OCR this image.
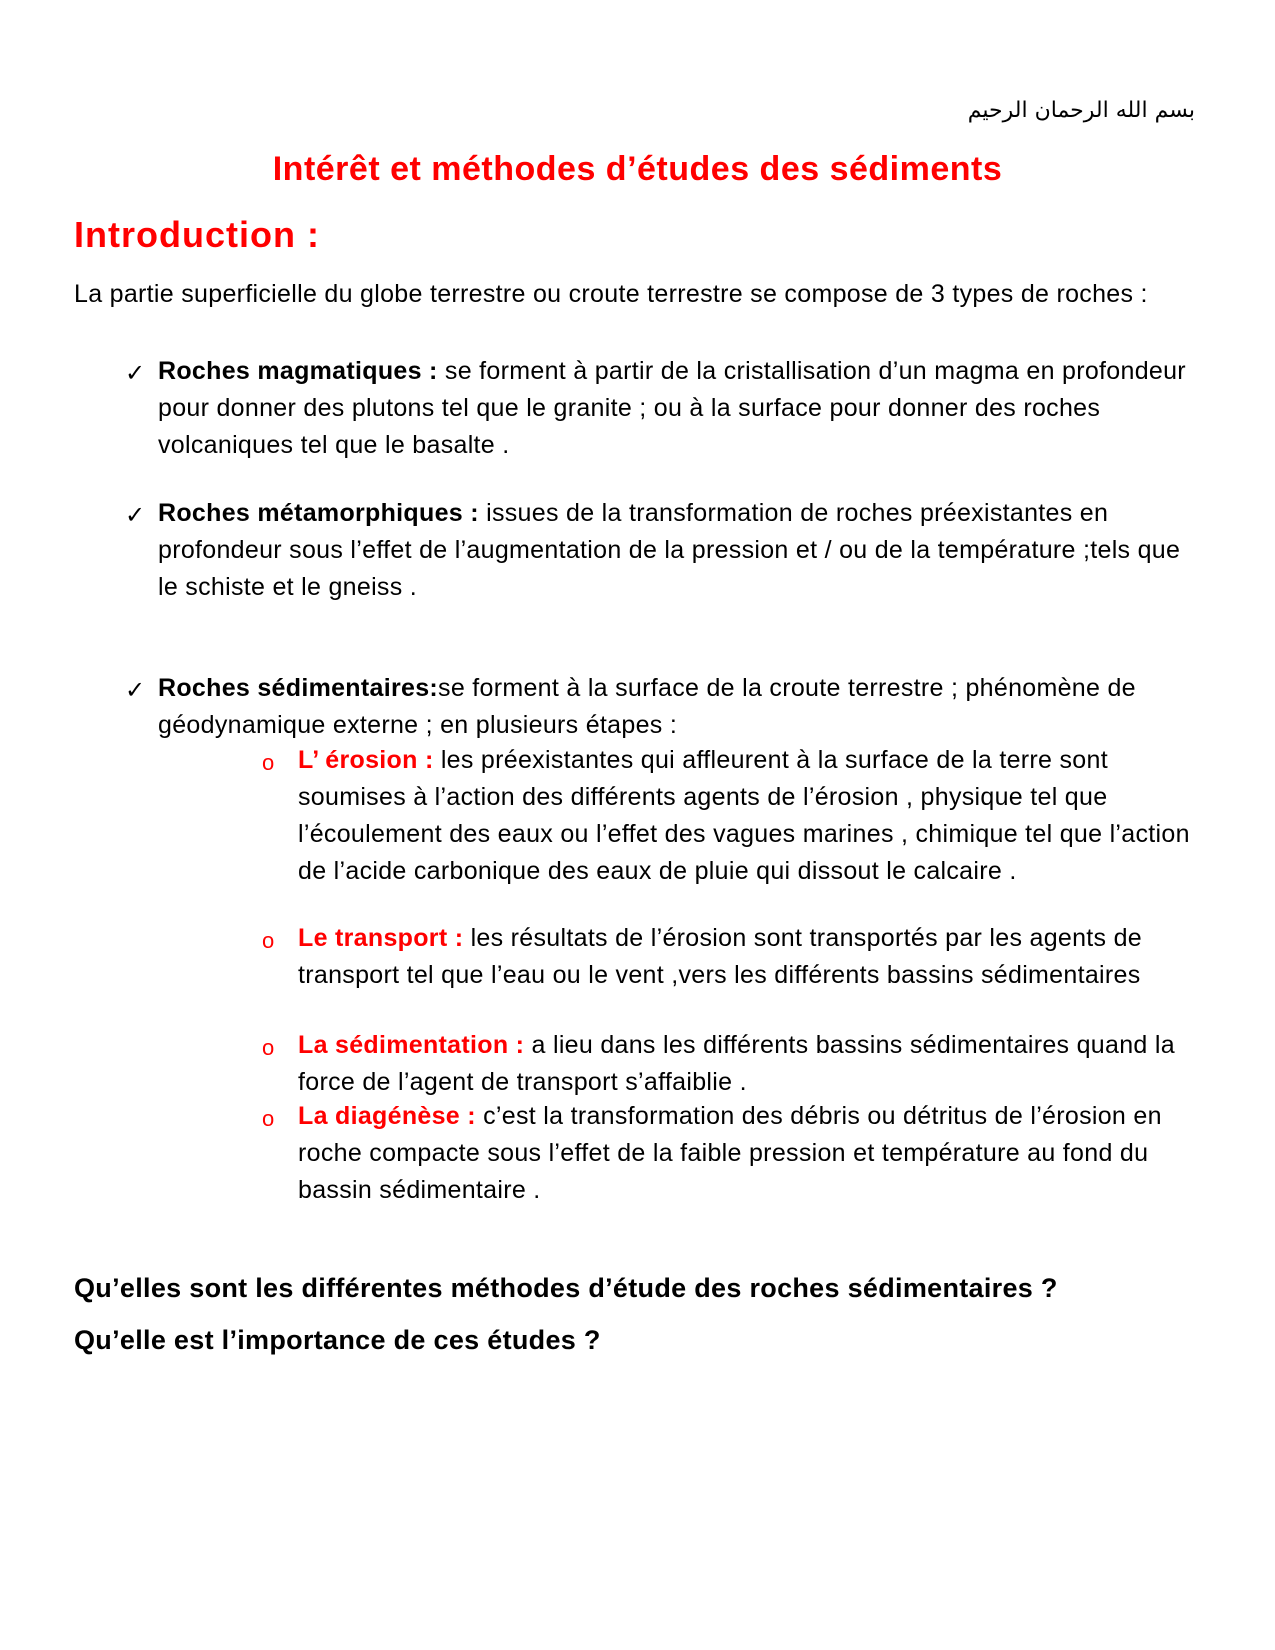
بسم الله الرحمان الرحيم
Intérêt et méthodes d’études des sédiments
Introduction :
La partie superficielle du globe terrestre ou croute terrestre se compose de 3 types de roches :
✓ Roches magmatiques : se forment à partir de la cristallisation d’un magma en profondeur pour donner des plutons tel que le granite ; ou à la surface pour donner des roches volcaniques tel que le basalte .
✓ Roches métamorphiques : issues de la transformation de roches préexistantes en profondeur sous l’effet de l’augmentation de la pression et / ou de la température ;tels que le schiste et le gneiss .
✓ Roches sédimentaires:se forment à la surface de la croute terrestre ; phénomène de géodynamique externe ; en plusieurs étapes :
o L’ érosion : les préexistantes qui affleurent à la surface de la terre sont soumises à l’action des différents agents de l’érosion , physique tel que l’écoulement des eaux ou l’effet des vagues marines , chimique tel que l’action de l’acide carbonique des eaux de pluie qui dissout le calcaire .
o Le transport : les résultats de l’érosion sont transportés par les agents de transport tel que l’eau ou le vent ,vers les différents bassins sédimentaires
o La sédimentation : a lieu dans les différents bassins sédimentaires quand la force de l’agent de transport s’affaiblie .
o La diagénèse : c’est la transformation des débris ou détritus de l’érosion en roche compacte sous l’effet de la faible pression et température au fond du bassin sédimentaire .
Qu’elles sont les différentes méthodes d’étude des roches sédimentaires ?
Qu’elle est l’importance de ces études ?
